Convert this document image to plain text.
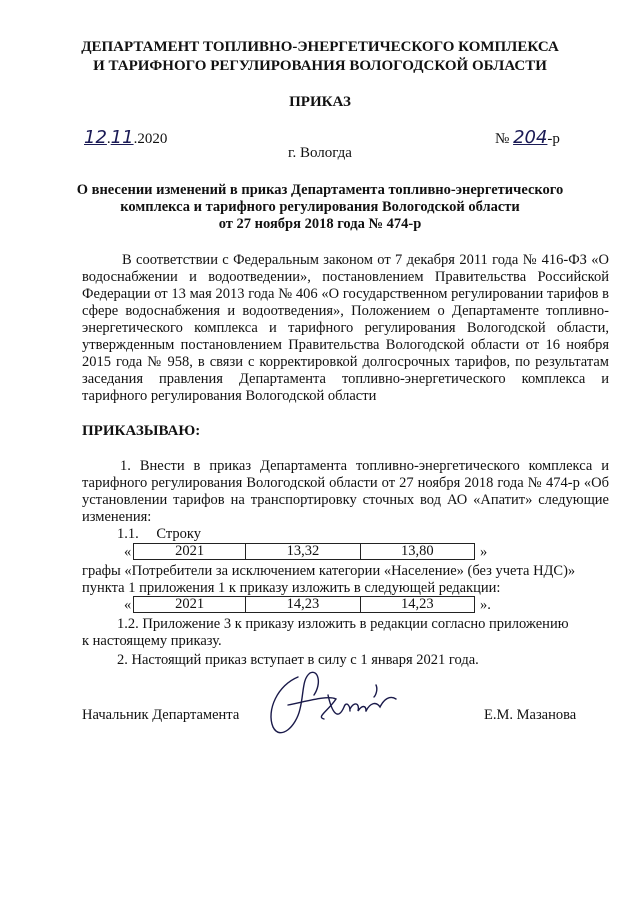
ДЕПАРТАМЕНТ ТОПЛИВНО-ЭНЕРГЕТИЧЕСКОГО КОМПЛЕКСА
И ТАРИФНОГО РЕГУЛИРОВАНИЯ ВОЛОГОДСКОЙ ОБЛАСТИ
ПРИКАЗ
12.11.2020	№ 204-р
г. Вологда
О внесении изменений в приказ Департамента топливно-энергетического
комплекса и тарифного регулирования Вологодской области
от 27 ноября 2018 года № 474-р
В соответствии с Федеральным законом от 7 декабря 2011 года № 416-ФЗ «О водоснабжении и водоотведении», постановлением Правительства Российской Федерации от 13 мая 2013 года № 406 «О государственном регулировании тарифов в сфере водоснабжения и водоотведения», Положением о Департаменте топливно-энергетического комплекса и тарифного регулирования Вологодской области, утвержденным постановлением Правительства Вологодской области от 16 ноября 2015 года № 958, в связи с корректировкой долгосрочных тарифов, по результатам заседания правления Департамента топливно-энергетического комплекса и тарифного регулирования Вологодской области
ПРИКАЗЫВАЮ:
1. Внести в приказ Департамента топливно-энергетического комплекса и тарифного регулирования Вологодской области от 27 ноября 2018 года № 474-р «Об установлении тарифов на транспортировку сточных вод АО «Апатит» следующие изменения:
1.1. Строку
«	2021	13,32	13,80	»
графы «Потребители за исключением категории «Население» (без учета НДС)»
пункта 1 приложения 1 к приказу изложить в следующей редакции:
«	2021	14,23	14,23	».
1.2. Приложение 3 к приказу изложить в редакции согласно приложению
к настоящему приказу.
2. Настоящий приказ вступает в силу с 1 января 2021 года.
Начальник Департамента	Е.М. Мазанова
